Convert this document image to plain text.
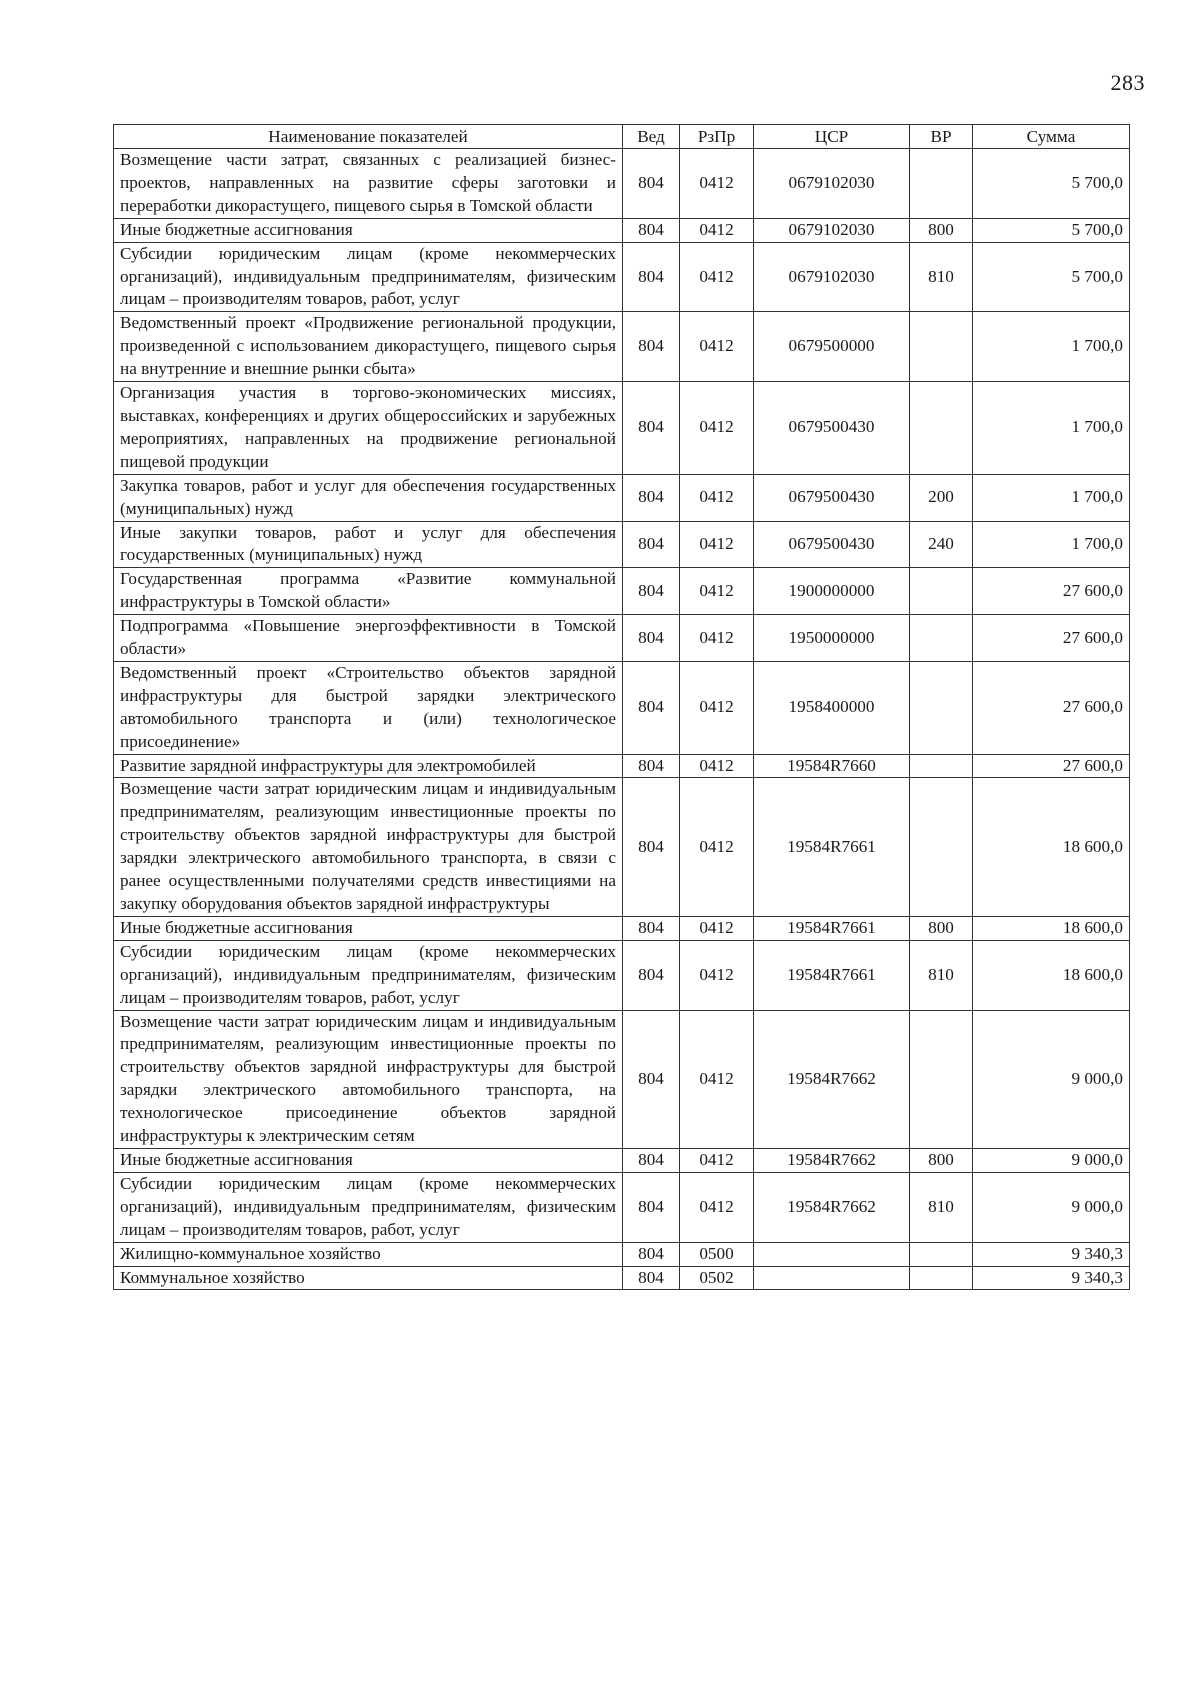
283
Наименование показателей	Вед	РзПр	ЦСР	ВР	Сумма
Возмещение части затрат, связанных с реализацией бизнес-проектов, направленных на развитие сферы заготовки и переработки дикорастущего, пищевого сырья в Томской области	804	0412	0679102030		5 700,0
Иные бюджетные ассигнования	804	0412	0679102030	800	5 700,0
Субсидии юридическим лицам (кроме некоммерческих организаций), индивидуальным предпринимателям, физическим лицам – производителям товаров, работ, услуг	804	0412	0679102030	810	5 700,0
Ведомственный проект «Продвижение региональной продукции, произведенной с использованием дикорастущего, пищевого сырья на внутренние и внешние рынки сбыта»	804	0412	0679500000		1 700,0
Организация участия в торгово-экономических миссиях, выставках, конференциях и других общероссийских и зарубежных мероприятиях, направленных на продвижение региональной пищевой продукции	804	0412	0679500430		1 700,0
Закупка товаров, работ и услуг для обеспечения государственных (муниципальных) нужд	804	0412	0679500430	200	1 700,0
Иные закупки товаров, работ и услуг для обеспечения государственных (муниципальных) нужд	804	0412	0679500430	240	1 700,0
Государственная программа «Развитие коммунальной инфраструктуры в Томской области»	804	0412	1900000000		27 600,0
Подпрограмма «Повышение энергоэффективности в Томской области»	804	0412	1950000000		27 600,0
Ведомственный проект «Строительство объектов зарядной инфраструктуры для быстрой зарядки электрического автомобильного транспорта и (или) технологическое присоединение»	804	0412	1958400000		27 600,0
Развитие зарядной инфраструктуры для электромобилей	804	0412	19584R7660		27 600,0
Возмещение части затрат юридическим лицам и индивидуальным предпринимателям, реализующим инвестиционные проекты по строительству объектов зарядной инфраструктуры для быстрой зарядки электрического автомобильного транспорта, в связи с ранее осуществленными получателями средств инвестициями на закупку оборудования объектов зарядной инфраструктуры	804	0412	19584R7661		18 600,0
Иные бюджетные ассигнования	804	0412	19584R7661	800	18 600,0
Субсидии юридическим лицам (кроме некоммерческих организаций), индивидуальным предпринимателям, физическим лицам – производителям товаров, работ, услуг	804	0412	19584R7661	810	18 600,0
Возмещение части затрат юридическим лицам и индивидуальным предпринимателям, реализующим инвестиционные проекты по строительству объектов зарядной инфраструктуры для быстрой зарядки электрического автомобильного транспорта, на технологическое присоединение объектов зарядной инфраструктуры к электрическим сетям	804	0412	19584R7662		9 000,0
Иные бюджетные ассигнования	804	0412	19584R7662	800	9 000,0
Субсидии юридическим лицам (кроме некоммерческих организаций), индивидуальным предпринимателям, физическим лицам – производителям товаров, работ, услуг	804	0412	19584R7662	810	9 000,0
Жилищно-коммунальное хозяйство	804	0500			9 340,3
Коммунальное хозяйство	804	0502			9 340,3
